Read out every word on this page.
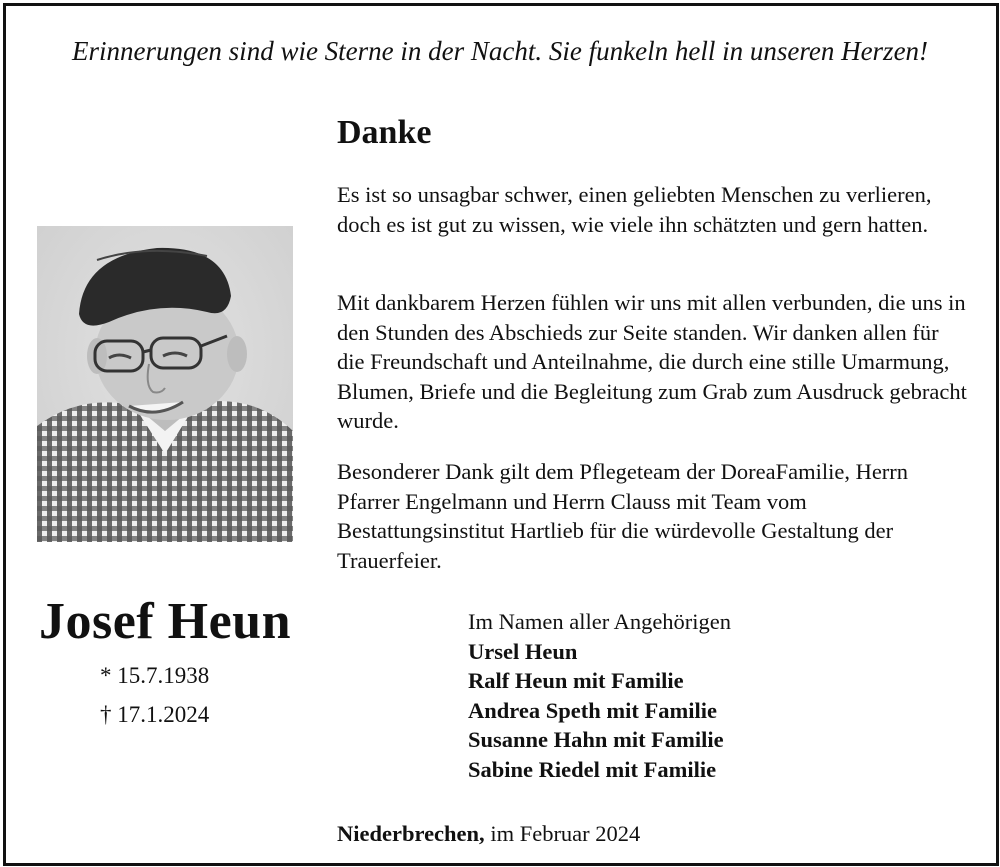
Erinnerungen sind wie Sterne in der Nacht. Sie funkeln hell in unseren Herzen!
Danke
Es ist so unsagbar schwer, einen geliebten Menschen zu verlieren, doch es ist gut zu wissen, wie viele ihn schätzten und gern hatten.
Mit dankbarem Herzen fühlen wir uns mit allen verbunden, die uns in den Stunden des Abschieds zur Seite standen. Wir danken allen für die Freundschaft und Anteilnahme, die durch eine stille Umarmung, Blumen, Briefe und die Begleitung zum Grab zum Ausdruck gebracht wurde.
Besonderer Dank gilt dem Pflegeteam der DoreaFamilie, Herrn Pfarrer Engelmann und Herrn Clauss mit Team vom Bestattungsinstitut Hartlieb für die würdevolle Gestaltung der Trauerfeier.
Josef Heun
* 15.7.1938
† 17.1.2024
Im Namen aller Angehörigen
Ursel Heun
Ralf Heun mit Familie
Andrea Speth mit Familie
Susanne Hahn mit Familie
Sabine Riedel mit Familie
Niederbrechen, im Februar 2024
